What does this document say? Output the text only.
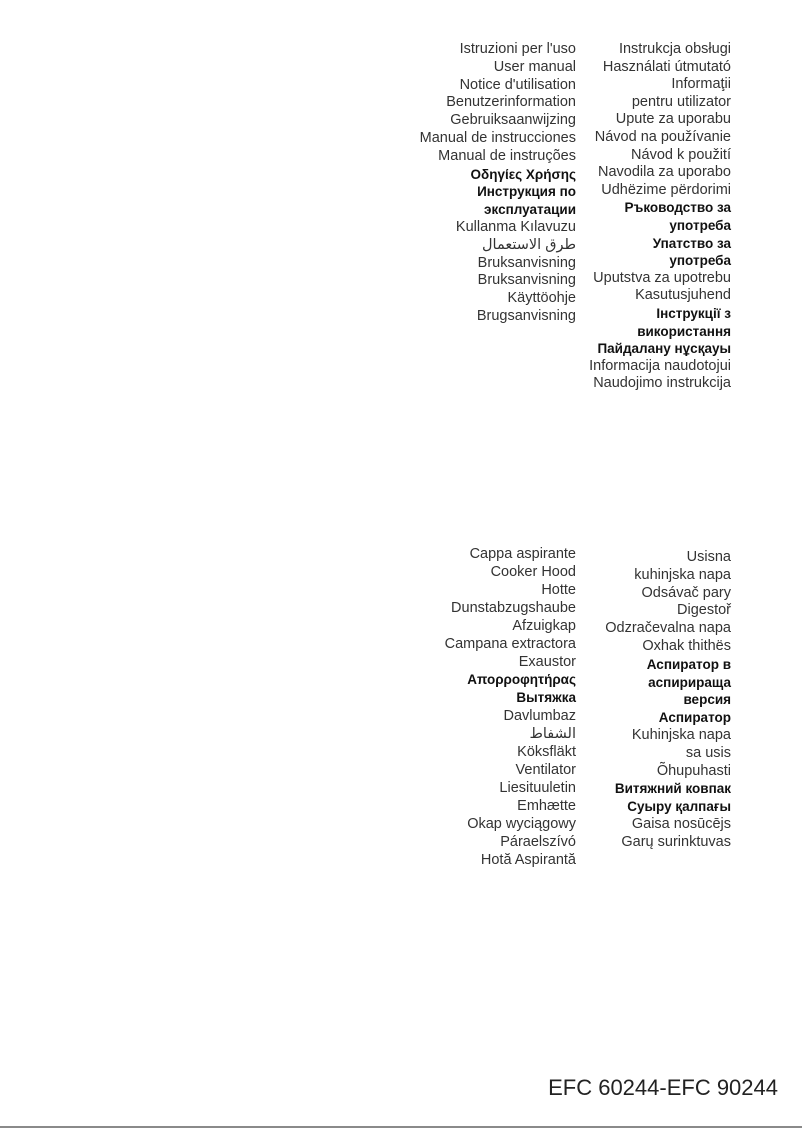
Istruzioni per l'uso
User manual
Notice d'utilisation
Benutzerinformation
Gebruiksaanwijzing
Manual de instrucciones
Manual de instruções
Οδηγίες Χρήσης
Инструкция по
эксплуатации
Kullanma Kılavuzu
طرق الاستعمال
Bruksanvisning
Bruksanvisning
Käyttöohje
Brugsanvisning
Instrukcja obsługi
Használati útmutató
Informaţii
pentru utilizator
Upute za uporabu
Návod na používanie
Návod k použití
Navodila za uporabo
Udhëzime përdorimi
Ръководство за
употреба
Упатство за
употреба
Uputstva za upotrebu
Kasutusjuhend
Інструкції з
використання
Пайдалану нұсқауы
Informacija naudotojui
Naudojimo instrukcija
Cappa aspirante
Cooker Hood
Hotte
Dunstabzugshaube
Afzuigkap
Campana extractora
Exaustor
Απορροφητήρας
Вытяжка
Davlumbaz
الشفاط
Köksfläkt
Ventilator
Liesituuletin
Emhætte
Okap wyciągowy
Páraelszívó
Hotă Aspirantă
Usisna
kuhinjska napa
Odsávač pary
Digestoř
Odzračevalna napa
Oxhak thithës
Аспиратор в
аспирираща
версия
Аспиратор
Kuhinjska napa
sa usis
Õhupuhasti
Витяжний ковпак
Суыру қалпағы
Gaisa nosūcējs
Garų surinktuvas
EFC 60244-EFC 90244
